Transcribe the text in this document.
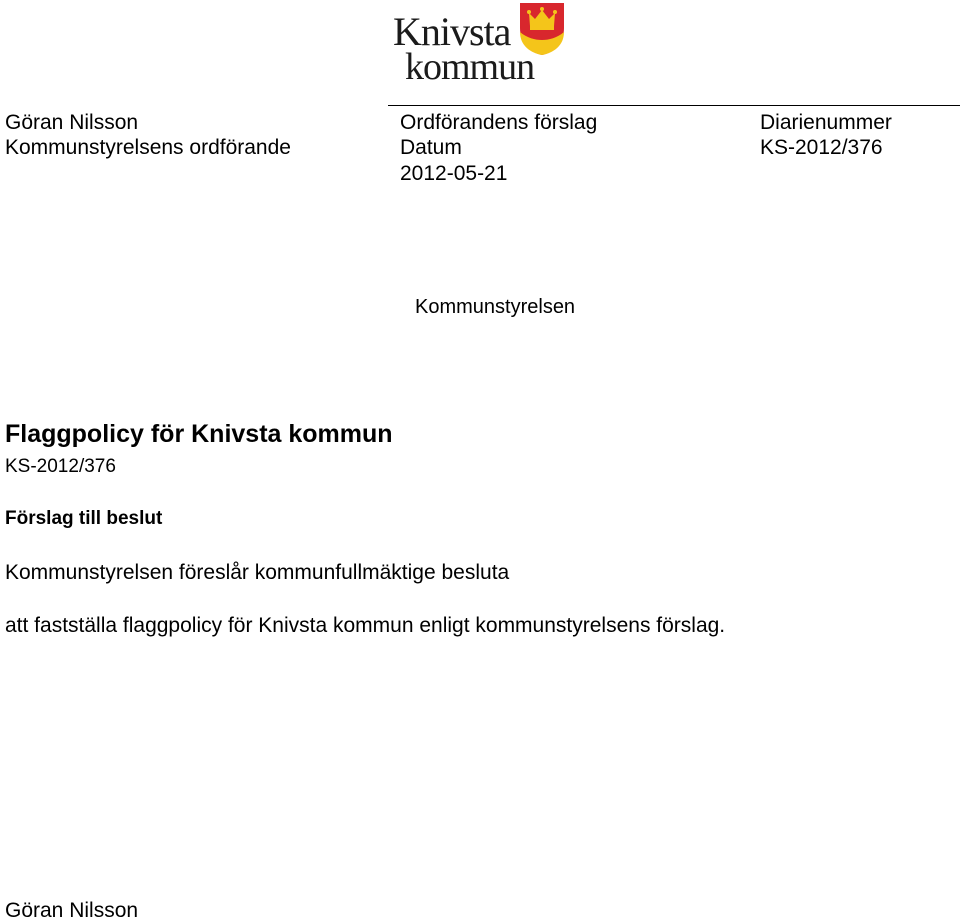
Knivsta
kommun
Göran Nilsson
Kommunstyrelsens ordförande
Ordförandens förslag
Datum
2012-05-21
Diarienummer
KS-2012/376
Kommunstyrelsen
Flaggpolicy för Knivsta kommun
KS-2012/376
Förslag till beslut
Kommunstyrelsen föreslår kommunfullmäktige besluta
att fastställa flaggpolicy för Knivsta kommun enligt kommunstyrelsens förslag.
Göran Nilsson
